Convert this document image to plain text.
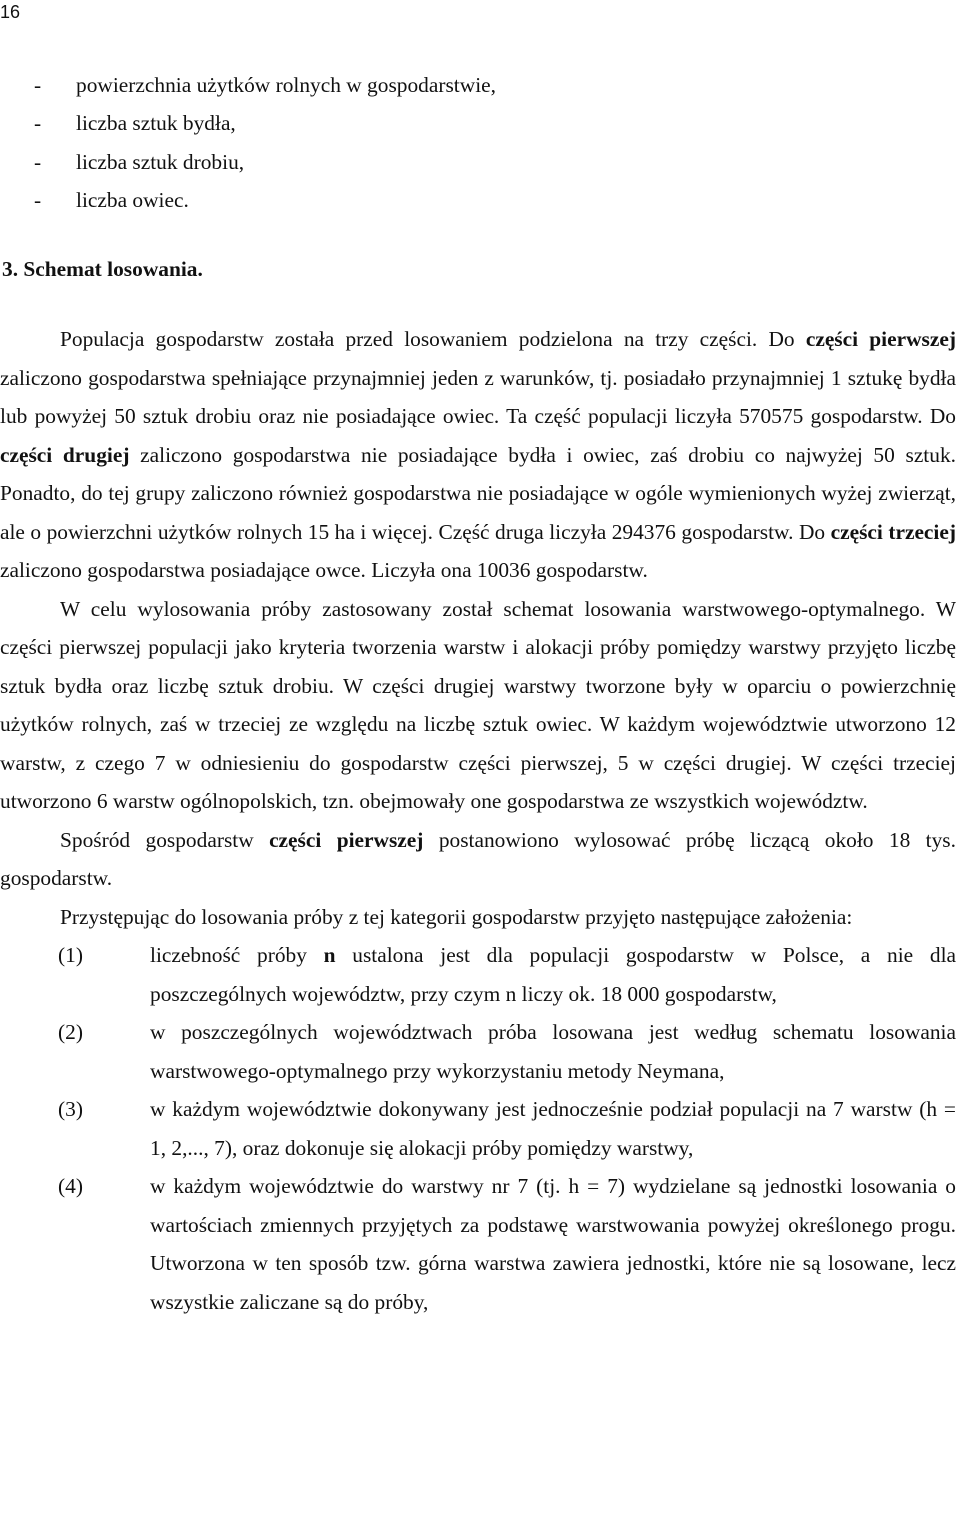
16
-	powierzchnia użytków rolnych w gospodarstwie,
-	liczba sztuk bydła,
-	liczba sztuk drobiu,
-	liczba owiec.
3. Schemat losowania.

Populacja gospodarstw została przed losowaniem podzielona na trzy części. Do części pierwszej zaliczono gospodarstwa spełniające przynajmniej jeden z warunków, tj. posiadało przynajmniej 1 sztukę bydła lub powyżej 50 sztuk drobiu oraz nie posiadające owiec. Ta część populacji liczyła 570575 gospodarstw. Do części drugiej zaliczono gospodarstwa nie posiadające bydła i owiec, zaś drobiu co najwyżej 50 sztuk. Ponadto, do tej grupy zaliczono również gospodarstwa nie posiadające w ogóle wymienionych wyżej zwierząt, ale o powierzchni użytków rolnych 15 ha i więcej. Część druga liczyła 294376 gospodarstw. Do części trzeciej zaliczono gospodarstwa posiadające owce. Liczyła ona 10036 gospodarstw.

W celu wylosowania próby zastosowany został schemat losowania warstwowego-optymalnego. W części pierwszej populacji jako kryteria tworzenia warstw i alokacji próby pomiędzy warstwy przyjęto liczbę sztuk bydła oraz liczbę sztuk drobiu. W części drugiej warstwy tworzone były w oparciu o powierzchnię użytków rolnych, zaś w trzeciej ze względu na liczbę sztuk owiec. W każdym województwie utworzono 12 warstw, z czego 7 w odniesieniu do gospodarstw części pierwszej, 5 w części drugiej. W części trzeciej utworzono 6 warstw ogólnopolskich, tzn. obejmowały one gospodarstwa ze wszystkich województw.

Spośród gospodarstw części pierwszej postanowiono wylosować próbę liczącą około 18 tys. gospodarstw.

Przystępując do losowania próby z tej kategorii gospodarstw przyjęto następujące założenia:

(1)	liczebność próby n ustalona jest dla populacji gospodarstw w Polsce, a nie dla poszczególnych województw, przy czym n liczy ok. 18 000 gospodarstw,
(2)	w poszczególnych województwach próba losowana jest według schematu losowania warstwowego-optymalnego przy wykorzystaniu metody Neymana,
(3)	w każdym województwie dokonywany jest jednocześnie podział populacji na 7 warstw (h = 1, 2,..., 7), oraz dokonuje się alokacji próby pomiędzy warstwy,
(4)	w każdym województwie do warstwy nr 7 (tj. h = 7) wydzielane są jednostki losowania o wartościach zmiennych przyjętych za podstawę warstwowania powyżej określonego progu. Utworzona w ten sposób tzw. górna warstwa zawiera jednostki, które nie są losowane, lecz wszystkie zaliczane są do próby,
